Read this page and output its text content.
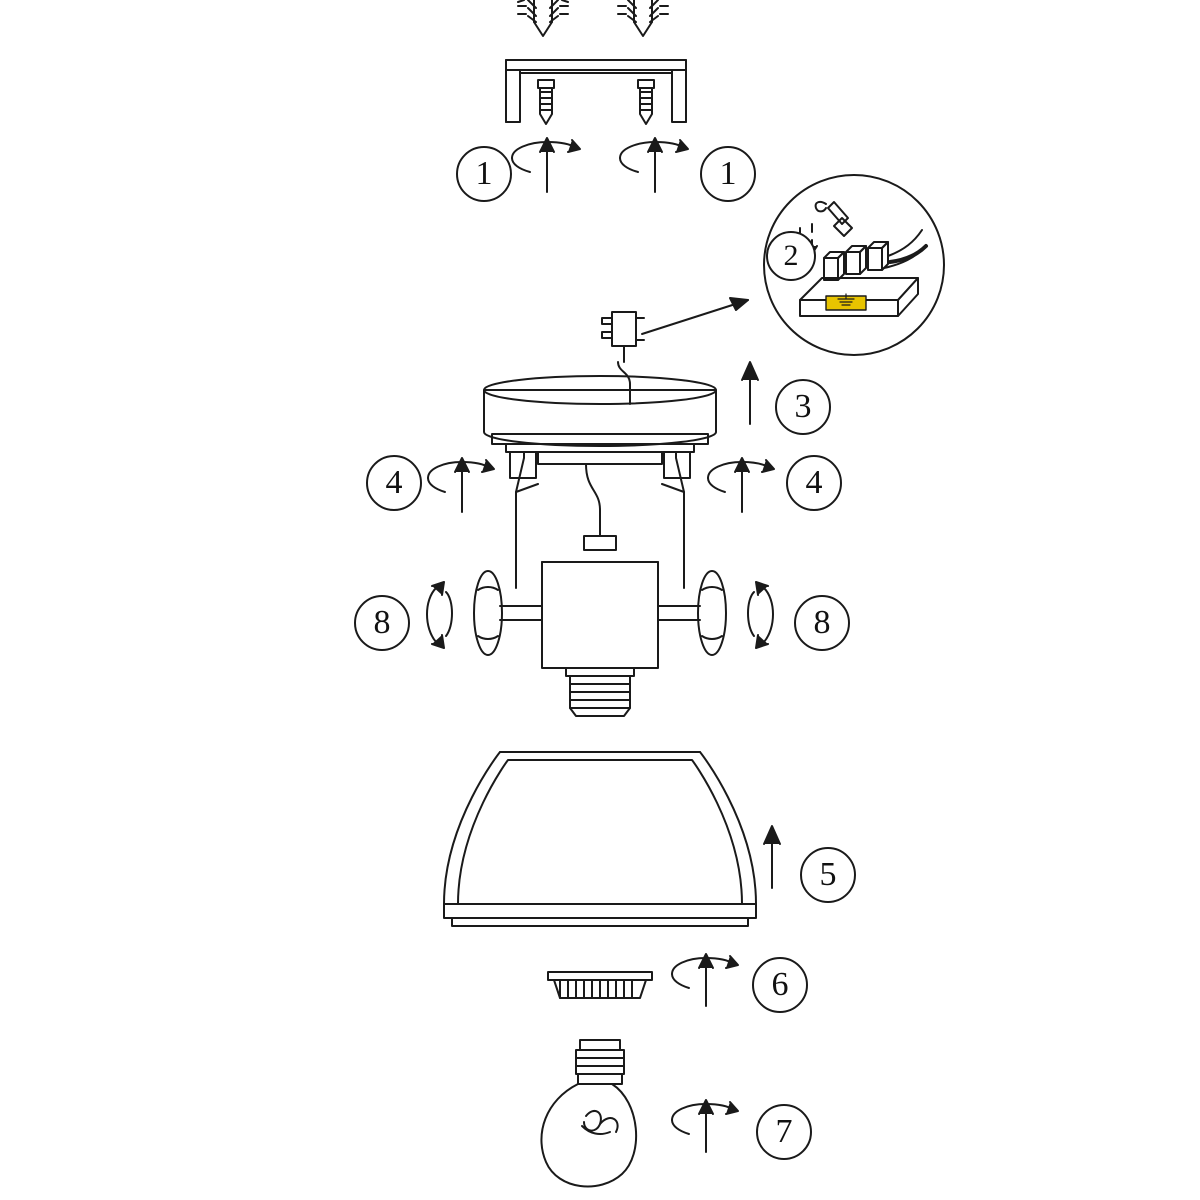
1	1
2
3
4	4
8	8
5
6
7
